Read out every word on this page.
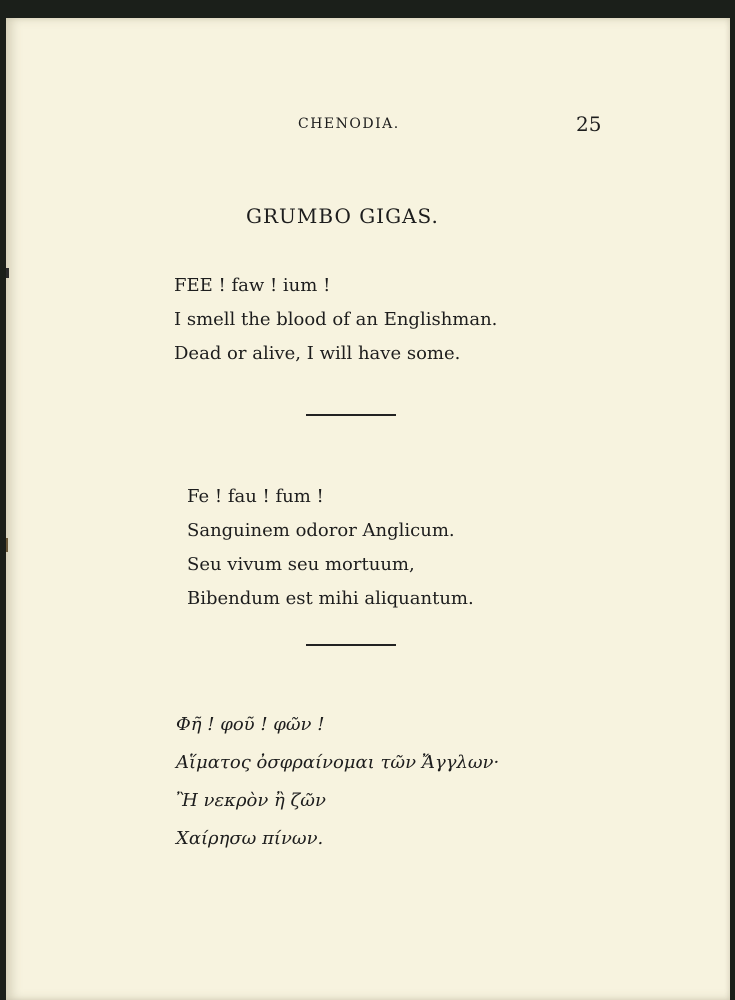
CHENODIA.	25
GRUMBO GIGAS.
FEE ! faw ! ium !
I smell the blood of an Englishman.
Dead or alive, I will have some.
Fe ! fau ! fum !
Sanguinem odoror Anglicum.
Seu vivum seu mortuum,
Bibendum est mihi aliquantum.
Φῆ ! φοῦ ! φῶν !
Αἵματος ὀσφραίνομαι τῶν Ἄγγλων·
Ἢ νεκρὸν ἢ ζῶν
Χαίρησω πίνων.
